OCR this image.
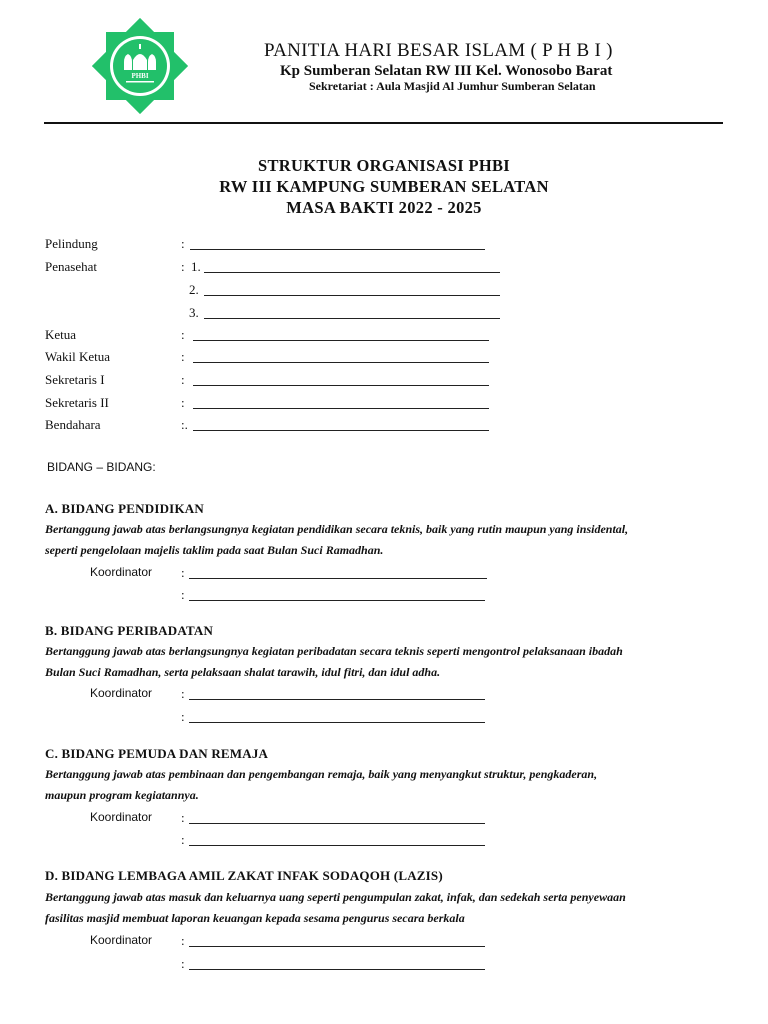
PHBI
PANITIA HARI BESAR ISLAM ( P H B I )
Kp Sumberan Selatan RW III Kel. Wonosobo Barat
Sekretariat : Aula Masjid Al Jumhur Sumberan Selatan
STRUKTUR ORGANISASI PHBI
RW III KAMPUNG SUMBERAN SELATAN
MASA BAKTI 2022 - 2025
Pelindung	:
Penasehat	: 1.
2.
3.
Ketua	:
Wakil Ketua	:
Sekretaris I	:
Sekretaris II	:
Bendahara	:.
BIDANG – BIDANG:
A. BIDANG PENDIDIKAN
Bertanggung jawab atas berlangsungnya kegiatan pendidikan secara teknis, baik yang rutin maupun yang insidental,
seperti pengelolaan majelis taklim pada saat Bulan Suci Ramadhan.
Koordinator :
:
B. BIDANG PERIBADATAN
Bertanggung jawab atas berlangsungnya kegiatan peribadatan secara teknis seperti mengontrol pelaksanaan ibadah
Bulan Suci Ramadhan, serta pelaksaan shalat tarawih, idul fitri, dan idul adha.
Koordinator :
:
C. BIDANG PEMUDA DAN REMAJA
Bertanggung jawab atas pembinaan dan pengembangan remaja, baik yang menyangkut struktur, pengkaderan,
maupun program kegiatannya.
Koordinator :
:
D. BIDANG LEMBAGA AMIL ZAKAT INFAK SODAQOH (LAZIS)
Bertanggung jawab atas masuk dan keluarnya uang seperti pengumpulan zakat, infak, dan sedekah serta penyewaan
fasilitas masjid membuat laporan keuangan kepada sesama pengurus secara berkala
Koordinator :
:
